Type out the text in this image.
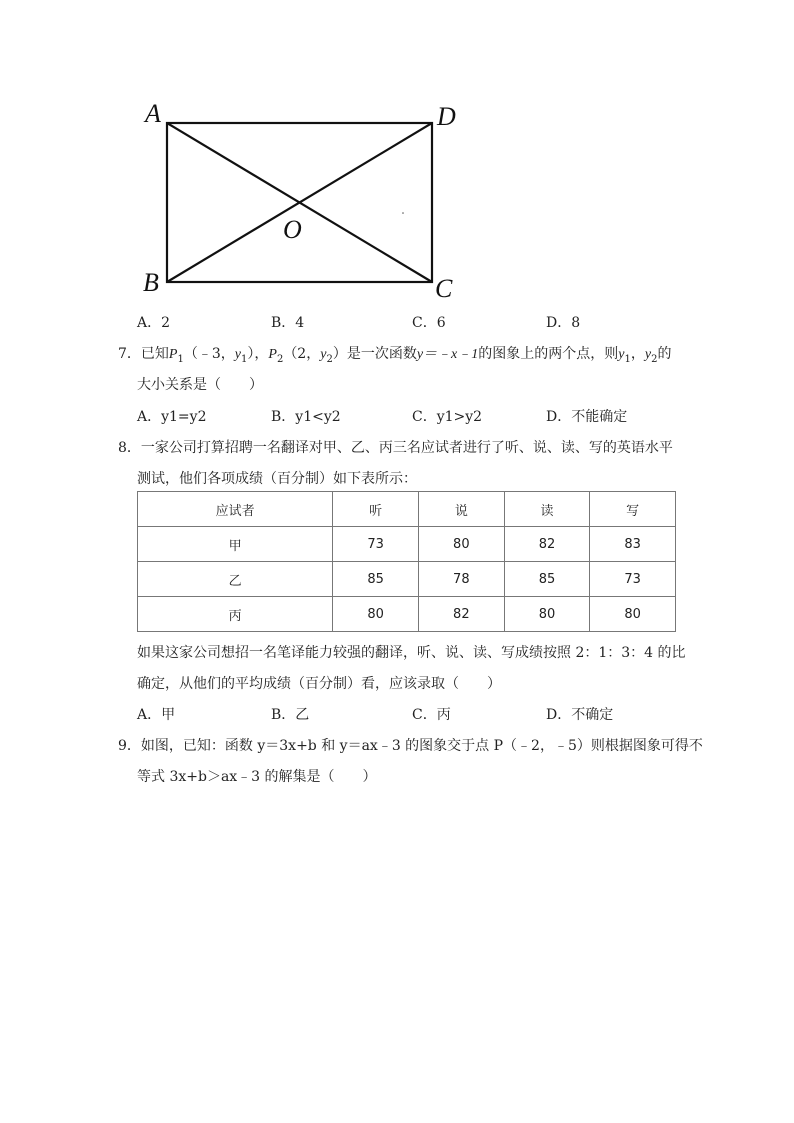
A	D
O
B	C
A．2	B．4	C．6	D．8
7．已知$P_1(﹣3$，$y_1$），$P_2(2$，$y_2$）是一次函数y＝﹣x﹣1的图象上的两个点，则$y_1$，$y_2$的
大小关系是（　　）
A．y1=y2	B．y1<y2	C．y1>y2	D．不能确定
8．一家公司打算招聘一名翻译对甲、乙、丙三名应试者进行了听、说、读、写的英语水平
测试，他们各项成绩（百分制）如下表所示：
应试者	听	说	读	写
甲	73	80	82	83
乙	85	78	85	73
丙	80	82	80	80
如果这家公司想招一名笔译能力较强的翻译，听、说、读、写成绩按照 2：1：3：4 的比
确定，从他们的平均成绩（百分制）看，应该录取（　　）
A．甲	B．乙	C．丙	D．不确定
9．如图，已知：函数 y＝3x+b 和 y＝ax﹣3 的图象交于点 P（﹣2，﹣5）则根据图象可得不
等式 3x+b＞ax﹣3 的解集是（　　）
